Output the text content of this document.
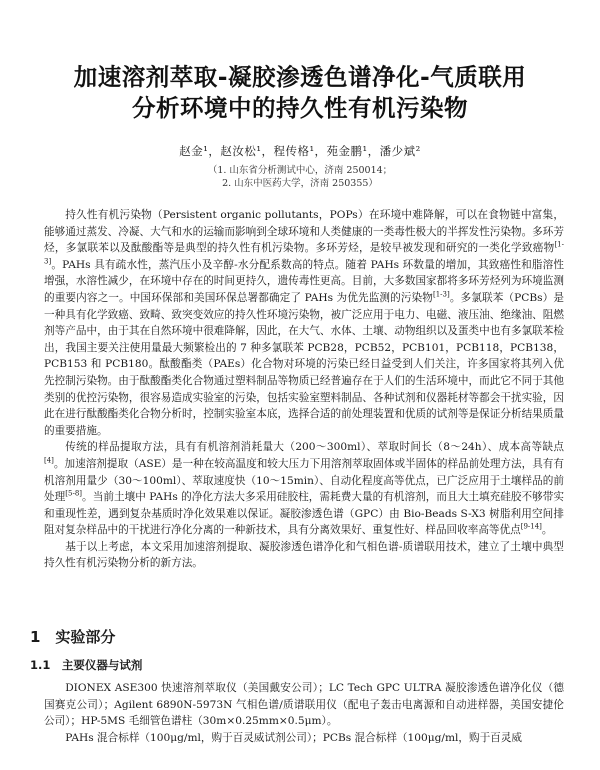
加速溶剂萃取-凝胶渗透色谱净化-气质联用
分析环境中的持久性有机污染物
赵金¹，赵汝松¹，程传格¹，苑金鹏¹，潘少斌²
（1. 山东省分析测试中心，济南 250014；
2. 山东中医药大学，济南 250355）

持久性有机污染物（Persistent organic pollutants，POPs）在环境中难降解，可以在食物链中富集，能够通过蒸发、冷凝、大气和水的运输而影响到全球环境和人类健康的一类毒性极大的半挥发性污染物。多环芳烃，多氯联苯以及酞酸酯等是典型的持久性有机污染物。多环芳烃，是较早被发现和研究的一类化学致癌物[1-3]。PAHs 具有疏水性，蒸汽压小及辛醇-水分配系数高的特点。随着 PAHs 环数量的增加，其致癌性和脂溶性增强，水溶性减少，在环境中存在的时间更持久，遗传毒性更高。目前，大多数国家都将多环芳烃列为环境监测的重要内容之一。中国环保部和美国环保总署都确定了 PAHs 为优先监测的污染物[1-3]。多氯联苯（PCBs）是一种具有化学致癌、致畸、致突变效应的持久性环境污染物，被广泛应用于电力、电磁、液压油、绝缘油、阻燃剂等产品中，由于其在自然环境中很难降解，因此，在大气、水体、土壤、动物组织以及蛋类中也有多氯联苯检出，我国主要关注使用量最大频繁检出的 7 种多氯联苯 PCB28，PCB52，PCB101，PCB118，PCB138，PCB153 和 PCB180。酞酸酯类（PAEs）化合物对环境的污染已经日益受到人们关注，许多国家将其列入优先控制污染物。由于酞酸酯类化合物通过塑料制品等物质已经普遍存在于人们的生活环境中，而此它不同于其他类别的优控污染物，很容易造成实验室的污染，包括实验室塑料制品、各种试剂和仪器耗材等都会干扰实验，因此在进行酞酸酯类化合物分析时，控制实验室本底，选择合适的前处理装置和优质的试剂等是保证分析结果质量的重要措施。

传统的样品提取方法，具有有机溶剂消耗量大（200～300ml）、萃取时间长（8～24h）、成本高等缺点[4]。加速溶剂提取（ASE）是一种在较高温度和较大压力下用溶剂萃取固体或半固体的样品前处理方法，具有有机溶剂用量少（30～100ml）、萃取速度快（10～15min）、自动化程度高等优点，已广泛应用于土壤样品的前处理[5-8]。当前土壤中 PAHs 的净化方法大多采用硅胶柱，需耗费大量的有机溶剂，而且大土填充硅胶不够带实和重现性差，遇到复杂基质时净化效果难以保证。凝胶渗透色谱（GPC）由 Bio-Beads S-X3 树脂利用空间排阻对复杂样品中的干扰进行净化分离的一种新技术，具有分离效果好、重复性好、样品回收率高等优点[9-14]。

基于以上考虑，本文采用加速溶剂提取、凝胶渗透色谱净化和气相色谱-质谱联用技术，建立了土壤中典型持久性有机污染物分析的新方法。

1　实验部分
1.1　主要仪器与试剂

DIONEX ASE300 快速溶剂萃取仪（美国戴安公司）；LC Tech GPC ULTRA 凝胶渗透色谱净化仪（德国赛克公司）；Agilent 6890N-5973N 气相色谱/质谱联用仪（配电子轰击电离源和自动进样器，美国安捷伦公司）；HP-5MS 毛细管色谱柱（30m×0.25mm×0.5μm）。

PAHs 混合标样（100μg/ml，购于百灵威试剂公司）；PCBs 混合标样（100μg/ml，购于百灵威
